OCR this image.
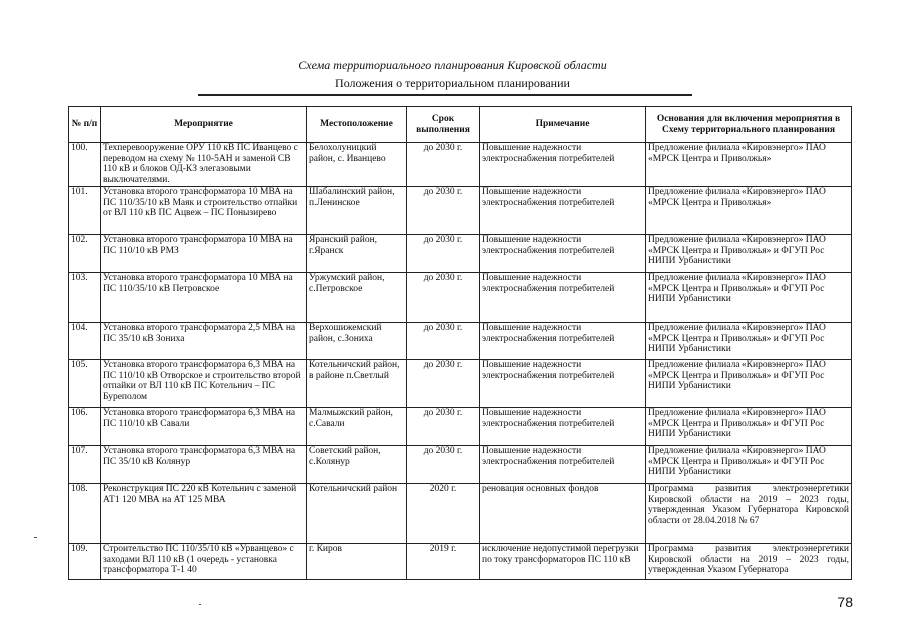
Схема территориального планирования Кировской области
Положения о территориальном планировании
№ п/п	Мероприятие	Местоположение	Срок выполнения	Примечание	Основания для включения мероприятия в Схему территориального планирования
100.	Техперевооружение ОРУ 110 кВ ПС Иванцево с переводом на схему № 110-5АН и заменой СВ 110 кВ и блоков ОД-КЗ элегазовыми выключателями.	Белохолуницкий район, с. Иванцево	до 2030 г.	Повышение надежности электроснабжения потребителей	Предложение филиала «Кировэнерго» ПАО «МРСК Центра и Приволжья»
101.	Установка второго трансформатора 10 МВА на ПС 110/35/10 кВ Маяк и строительство отпайки от ВЛ 110 кВ ПС Ацвеж – ПС Понызирево	Шабалинский район, п.Ленинское	до 2030 г.	Повышение надежности электроснабжения потребителей	Предложение филиала «Кировэнерго» ПАО «МРСК Центра и Приволжья»
102.	Установка второго трансформатора 10 МВА на ПС 110/10 кВ РМЗ	Яранский район, г.Яранск	до 2030 г.	Повышение надежности электроснабжения потребителей	Предложение филиала «Кировэнерго» ПАО «МРСК Центра и Приволжья» и ФГУП Рос НИПИ Урбанистики
103.	Установка второго трансформатора 10 МВА на ПС 110/35/10 кВ Петровское	Уржумский район, с.Петровское	до 2030 г.	Повышение надежности электроснабжения потребителей	Предложение филиала «Кировэнерго» ПАО «МРСК Центра и Приволжья» и ФГУП Рос НИПИ Урбанистики
104.	Установка второго трансформатора 2,5 МВА на ПС 35/10 кВ Зониха	Верхошижемский район, с.Зониха	до 2030 г.	Повышение надежности электроснабжения потребителей	Предложение филиала «Кировэнерго» ПАО «МРСК Центра и Приволжья» и ФГУП Рос НИПИ Урбанистики
105.	Установка второго трансформатора 6,3 МВА на ПС 110/10 кВ Отворское и строительство второй отпайки от ВЛ 110 кВ ПС Котельнич – ПС Буреполом	Котельничский район, в районе п.Светлый	до 2030 г.	Повышение надежности электроснабжения потребителей	Предложение филиала «Кировэнерго» ПАО «МРСК Центра и Приволжья» и ФГУП Рос НИПИ Урбанистики
106.	Установка второго трансформатора 6,3 МВА на ПС 110/10 кВ Савали	Малмыжский район, с.Савали	до 2030 г.	Повышение надежности электроснабжения потребителей	Предложение филиала «Кировэнерго» ПАО «МРСК Центра и Приволжья» и ФГУП Рос НИПИ Урбанистики
107.	Установка второго трансформатора 6,3 МВА на ПС 35/10 кВ Колянур	Советский район, с.Колянур	до 2030 г.	Повышение надежности электроснабжения потребителей	Предложение филиала «Кировэнерго» ПАО «МРСК Центра и Приволжья» и ФГУП Рос НИПИ Урбанистики
108.	Реконструкция ПС 220 кВ Котельнич с заменой АТ1 120 МВА на АТ 125 МВА	Котельничский район	2020 г.	реновация основных фондов	Программа развития электроэнергетики Кировской области на 2019 – 2023 годы, утвержденная Указом Губернатора Кировской области от 28.04.2018 № 67
109.	Строительство ПС 110/35/10 кВ «Урванцево» с заходами ВЛ 110 кВ (1 очередь - установка трансформатора Т-1 40	г. Киров	2019 г.	исключение недопустимой перегрузки по току трансформаторов ПС 110 кВ	Программа развития электроэнергетики Кировской области на 2019 – 2023 годы, утвержденная Указом Губернатора
78
